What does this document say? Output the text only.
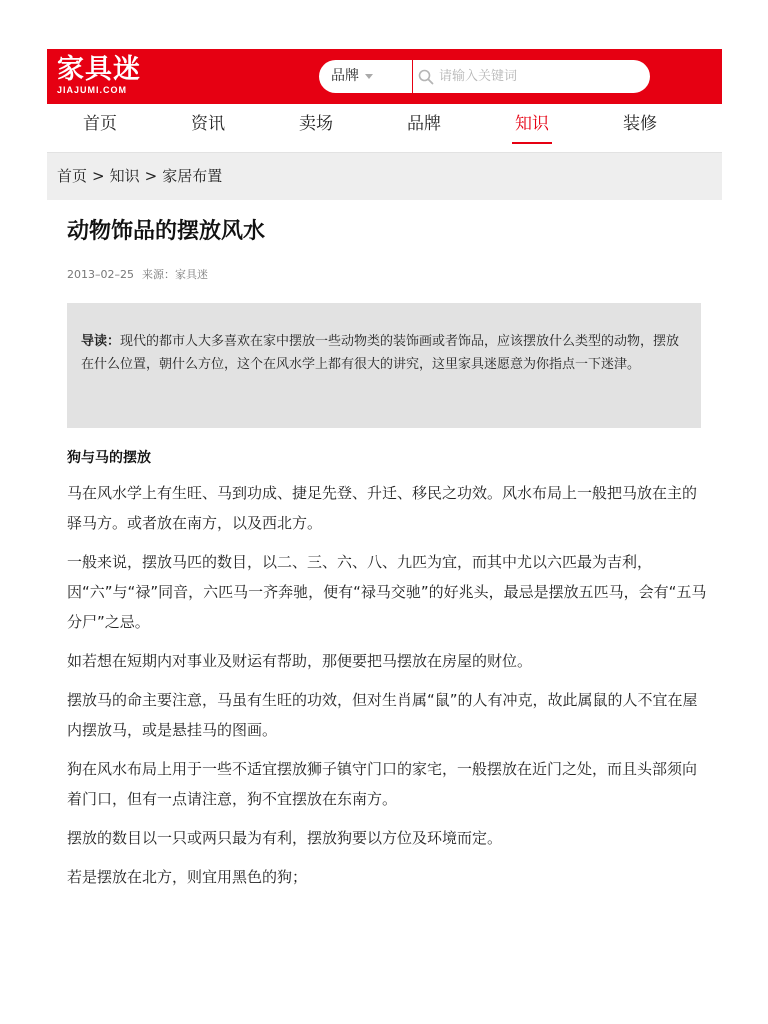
家具迷
JIAJUMI.COM
品牌
请输入关键词
首页	资讯	卖场	品牌	知识	装修
首页 > 知识 > 家居布置
动物饰品的摆放风水
2013–02–25 来源：家具迷
导读：现代的都市人大多喜欢在家中摆放一些动物类的装饰画或者饰品，应该摆放什么类型的动物，摆放在什么位置，朝什么方位，这个在风水学上都有很大的讲究，这里家具迷愿意为你指点一下迷津。
狗与马的摆放

马在风水学上有生旺、马到功成、捷足先登、升迁、移民之功效。风水布局上一般把马放在主的驿马方。或者放在南方，以及西北方。

一般来说，摆放马匹的数目，以二、三、六、八、九匹为宜，而其中尤以六匹最为吉利，因“六”与“禄”同音，六匹马一齐奔驰，便有“禄马交驰”的好兆头，最忌是摆放五匹马，会有“五马分尸”之忌。

如若想在短期内对事业及财运有帮助，那便要把马摆放在房屋的财位。

摆放马的命主要注意，马虽有生旺的功效，但对生肖属“鼠”的人有冲克，故此属鼠的人不宜在屋内摆放马，或是悬挂马的图画。

狗在风水布局上用于一些不适宜摆放狮子镇守门口的家宅，一般摆放在近门之处，而且头部须向着门口，但有一点请注意，狗不宜摆放在东南方。

摆放的数目以一只或两只最为有利，摆放狗要以方位及环境而定。

若是摆放在北方，则宜用黑色的狗；
